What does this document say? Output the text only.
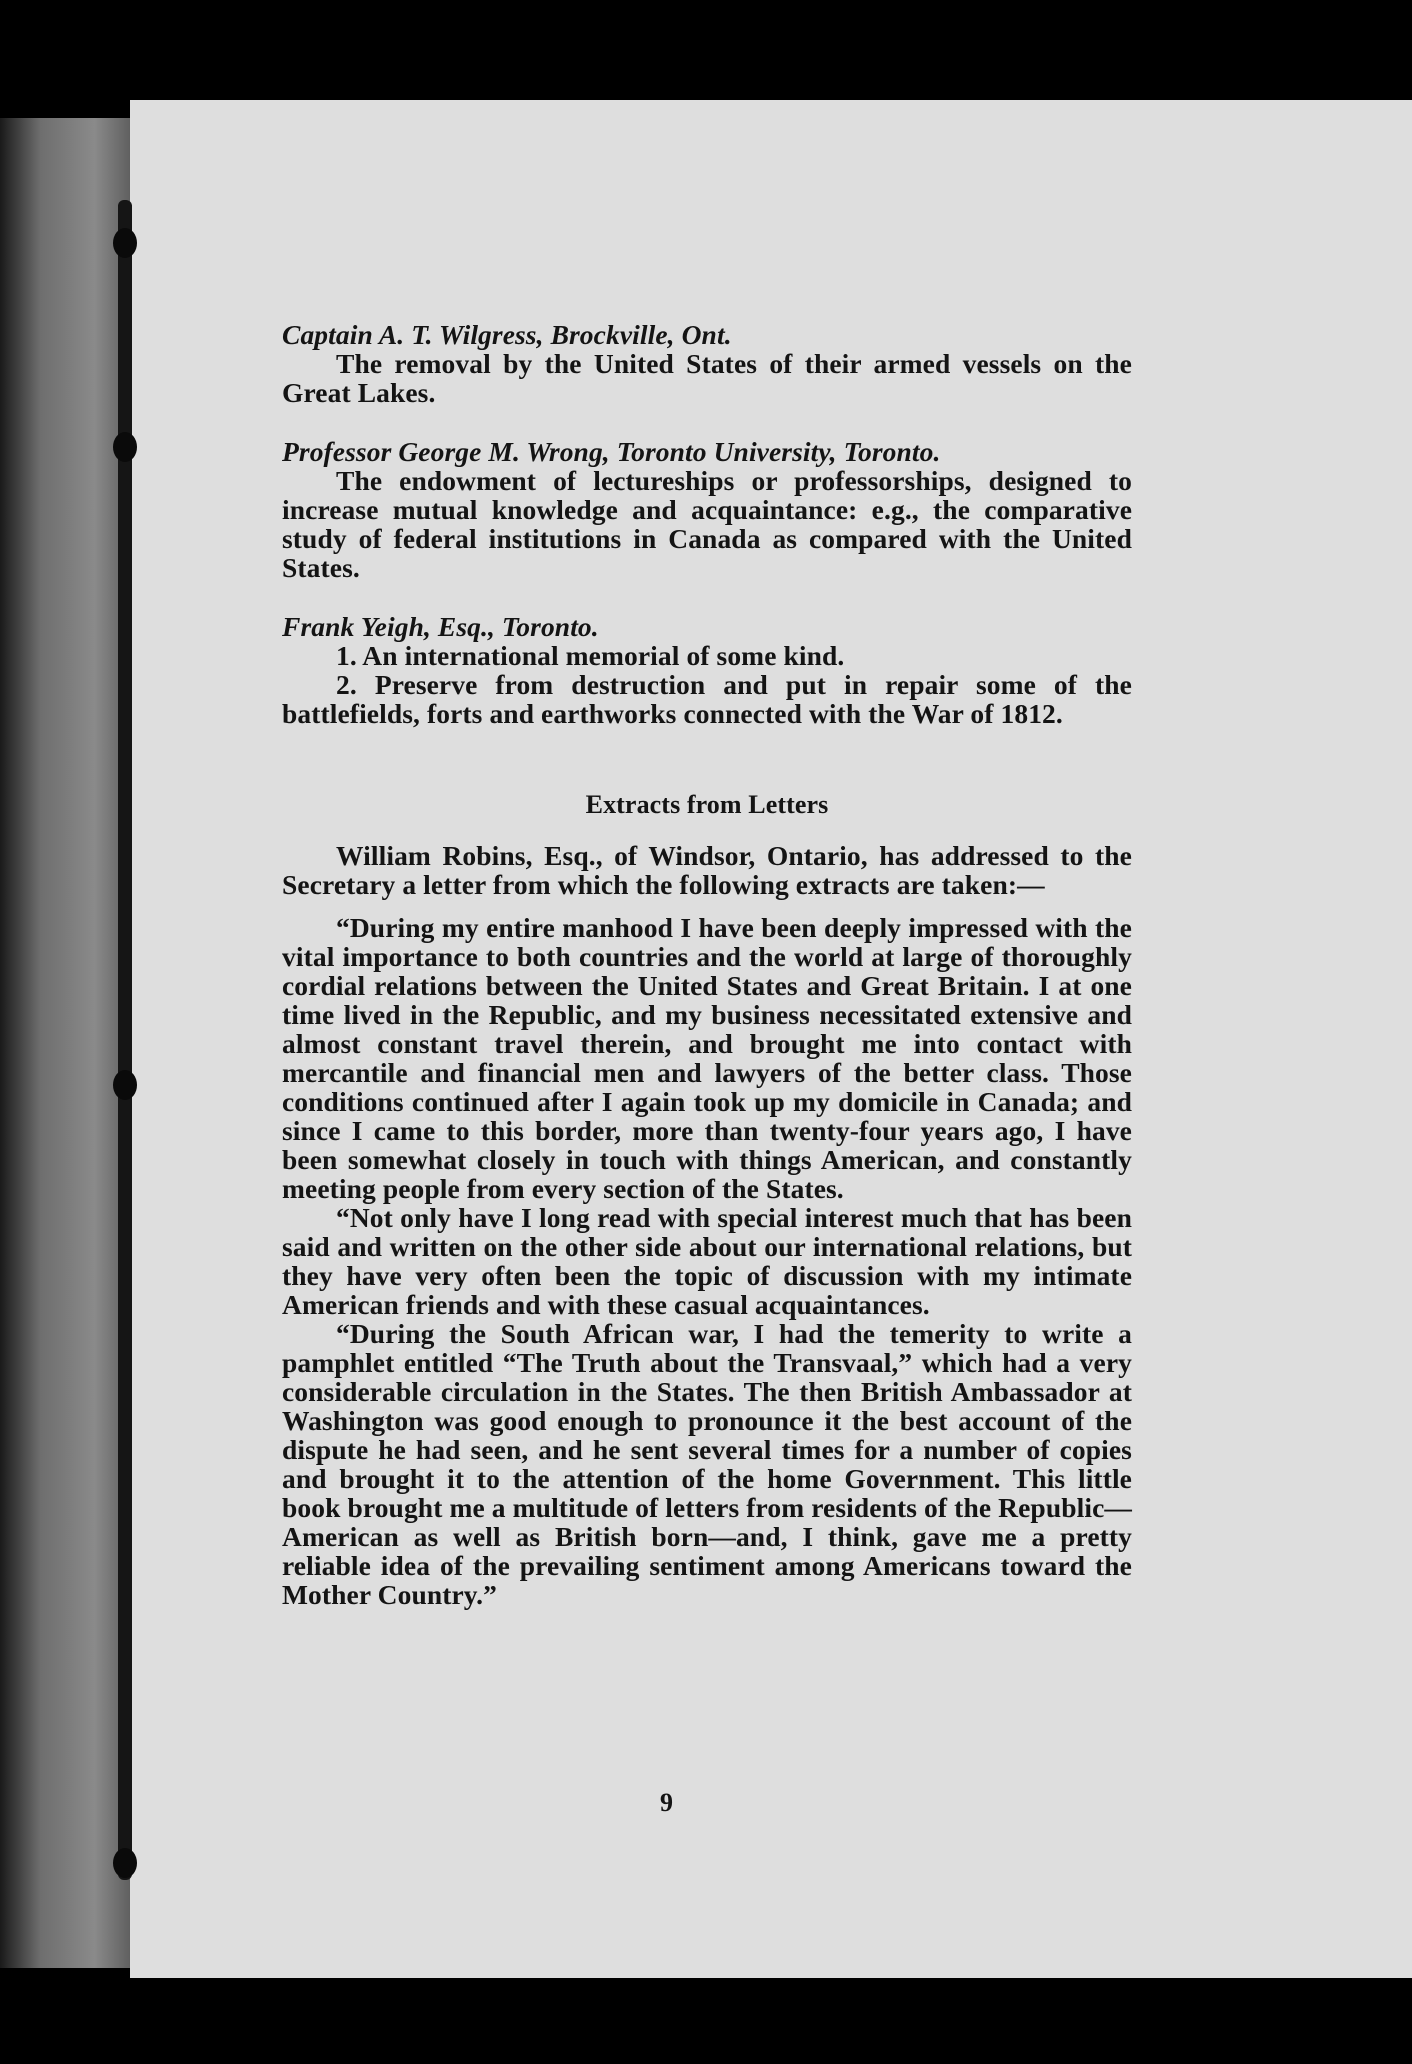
Captain A. T. Wilgress, Brockville, Ont.

The removal by the United States of their armed vessels on the Great Lakes.

Professor George M. Wrong, Toronto University, Toronto.

The endowment of lectureships or professorships, designed to increase mutual knowledge and acquaintance: e.g., the comparative study of federal institutions in Canada as compared with the United States.

Frank Yeigh, Esq., Toronto.

1. An international memorial of some kind.

2. Preserve from destruction and put in repair some of the battlefields, forts and earthworks connected with the War of 1812.

Extracts from Letters

William Robins, Esq., of Windsor, Ontario, has addressed to the Secretary a letter from which the following extracts are taken:—

“During my entire manhood I have been deeply impressed with the vital importance to both countries and the world at large of thoroughly cordial relations between the United States and Great Britain. I at one time lived in the Republic, and my business necessitated extensive and almost constant travel therein, and brought me into contact with mercantile and financial men and lawyers of the better class. Those conditions continued after I again took up my domicile in Canada; and since I came to this border, more than twenty-four years ago, I have been somewhat closely in touch with things American, and constantly meeting people from every section of the States.

“Not only have I long read with special interest much that has been said and written on the other side about our international relations, but they have very often been the topic of discussion with my intimate American friends and with these casual acquaintances.

“During the South African war, I had the temerity to write a pamphlet entitled “The Truth about the Transvaal,” which had a very considerable circulation in the States. The then British Ambassador at Washington was good enough to pronounce it the best account of the dispute he had seen, and he sent several times for a number of copies and brought it to the attention of the home Government. This little book brought me a multitude of letters from residents of the Republic—American as well as British born—and, I think, gave me a pretty reliable idea of the prevailing sentiment among Americans toward the Mother Country.”

9
